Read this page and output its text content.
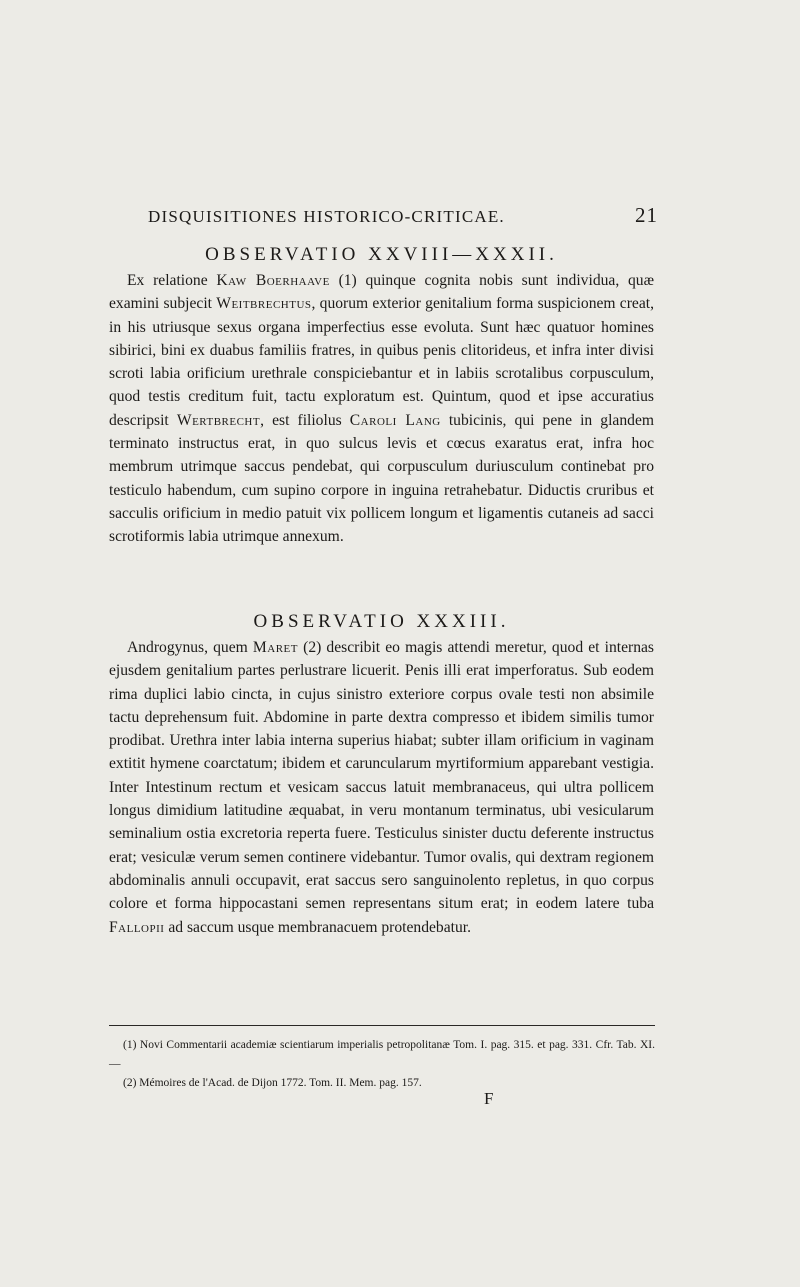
DISQUISITIONES HISTORICO-CRITICAE.	21
OBSERVATIO XXVIII—XXXII.

Ex relatione Kaw Boerhaave (1) quinque cognita nobis sunt individua, quæ examini subjecit Weitbrechtus, quorum exterior genitalium forma suspicionem creat, in his utriusque sexus organa imperfectius esse evoluta. Sunt hæc quatuor homines sibirici, bini ex duabus familiis fratres, in quibus penis clitorideus, et infra inter divisi scroti labia orificium urethrale conspiciebantur et in labiis scrotalibus corpusculum, quod testis creditum fuit, tactu exploratum est. Quintum, quod et ipse accuratius descripsit Wertbrecht, est filiolus Caroli Lang tubicinis, qui pene in glandem terminato instructus erat, in quo sulcus levis et cœcus exaratus erat, infra hoc membrum utrimque saccus pendebat, qui corpusculum duriusculum continebat pro testiculo habendum, cum supino corpore in inguina retrahebatur. Diductis cruribus et sacculis orificium in medio patuit vix pollicem longum et ligamentis cutaneis ad sacci scrotiformis labia utrimque annexum.

OBSERVATIO XXXIII.

Androgynus, quem Maret (2) describit eo magis attendi meretur, quod et internas ejusdem genitalium partes perlustrare licuerit. Penis illi erat imperforatus. Sub eodem rima duplici labio cincta, in cujus sinistro exteriore corpus ovale testi non absimile tactu deprehensum fuit. Abdomine in parte dextra compresso et ibidem similis tumor prodibat. Urethra inter labia interna superius hiabat; subter illam orificium in vaginam extitit hymene coarctatum; ibidem et caruncularum myrtiformium apparebant vestigia. Inter Intestinum rectum et vesicam saccus latuit membranaceus, qui ultra pollicem longus dimidium latitudine æquabat, in veru montanum terminatus, ubi vesicularum seminalium ostia excretoria reperta fuere. Testiculus sinister ductu deferente instructus erat; vesiculæ verum semen continere videbantur. Tumor ovalis, qui dextram regionem abdominalis annuli occupavit, erat saccus sero sanguinolento repletus, in quo corpus colore et forma hippocastani semen representans situm erat; in eodem latere tuba Fallopii ad saccum usque membranacuem protendebatur.

(1) Novi Commentarii academiæ scientiarum imperialis petropolitanæ Tom. I. pag. 315. et pag. 331. Cfr. Tab. XI. —

(2) Mémoires de l'Acad. de Dijon 1772. Tom. II. Mem. pag. 157.

F
